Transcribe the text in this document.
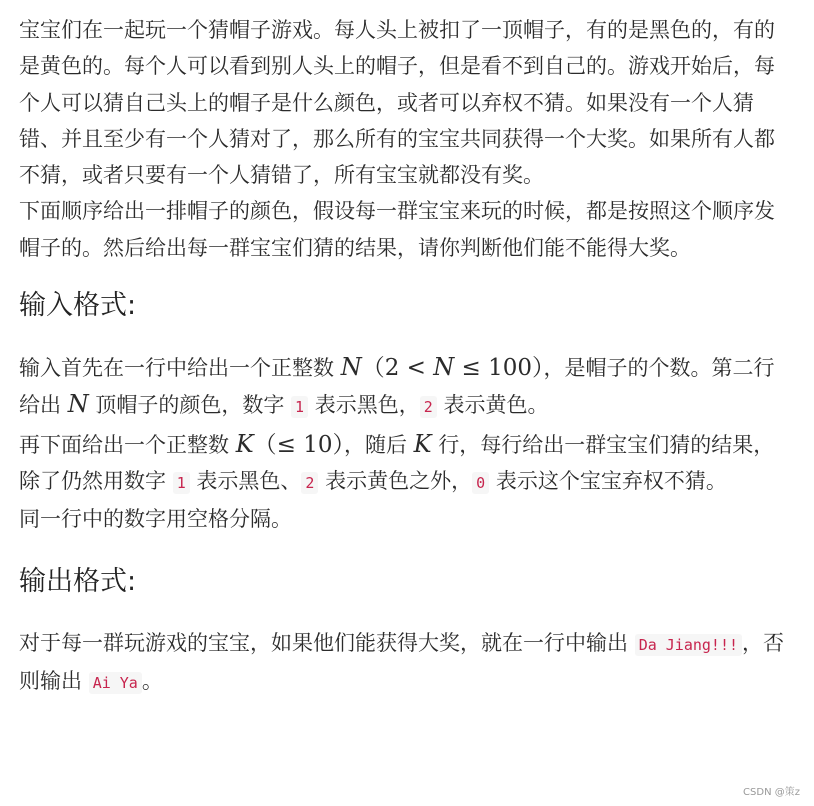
宝宝们在一起玩一个猜帽子游戏。每人头上被扣了一顶帽子，有的是黑色的，有的是黄色的。每个人可以看到别人头上的帽子，但是看不到自己的。游戏开始后，每个人可以猜自己头上的帽子是什么颜色，或者可以弃权不猜。如果没有一个人猜错、并且至少有一个人猜对了，那么所有的宝宝共同获得一个大奖。如果所有人都不猜，或者只要有一个人猜错了，所有宝宝就都没有奖。

下面顺序给出一排帽子的颜色，假设每一群宝宝来玩的时候，都是按照这个顺序发帽子的。然后给出每一群宝宝们猜的结果，请你判断他们能不能得大奖。

输入格式:

输入首先在一行中给出一个正整数 N（2 < N ≤ 100），是帽子的个数。第二行给出 N 顶帽子的颜色，数字 1 表示黑色， 2 表示黄色。

再下面给出一个正整数 K（≤ 10），随后 K 行，每行给出一群宝宝们猜的结果，除了仍然用数字 1 表示黑色、 2 表示黄色之外， 0 表示这个宝宝弃权不猜。

同一行中的数字用空格分隔。

输出格式:

对于每一群玩游戏的宝宝，如果他们能获得大奖，就在一行中输出 Da Jiang!!! ，否则输出 Ai Ya 。

CSDN @策z
